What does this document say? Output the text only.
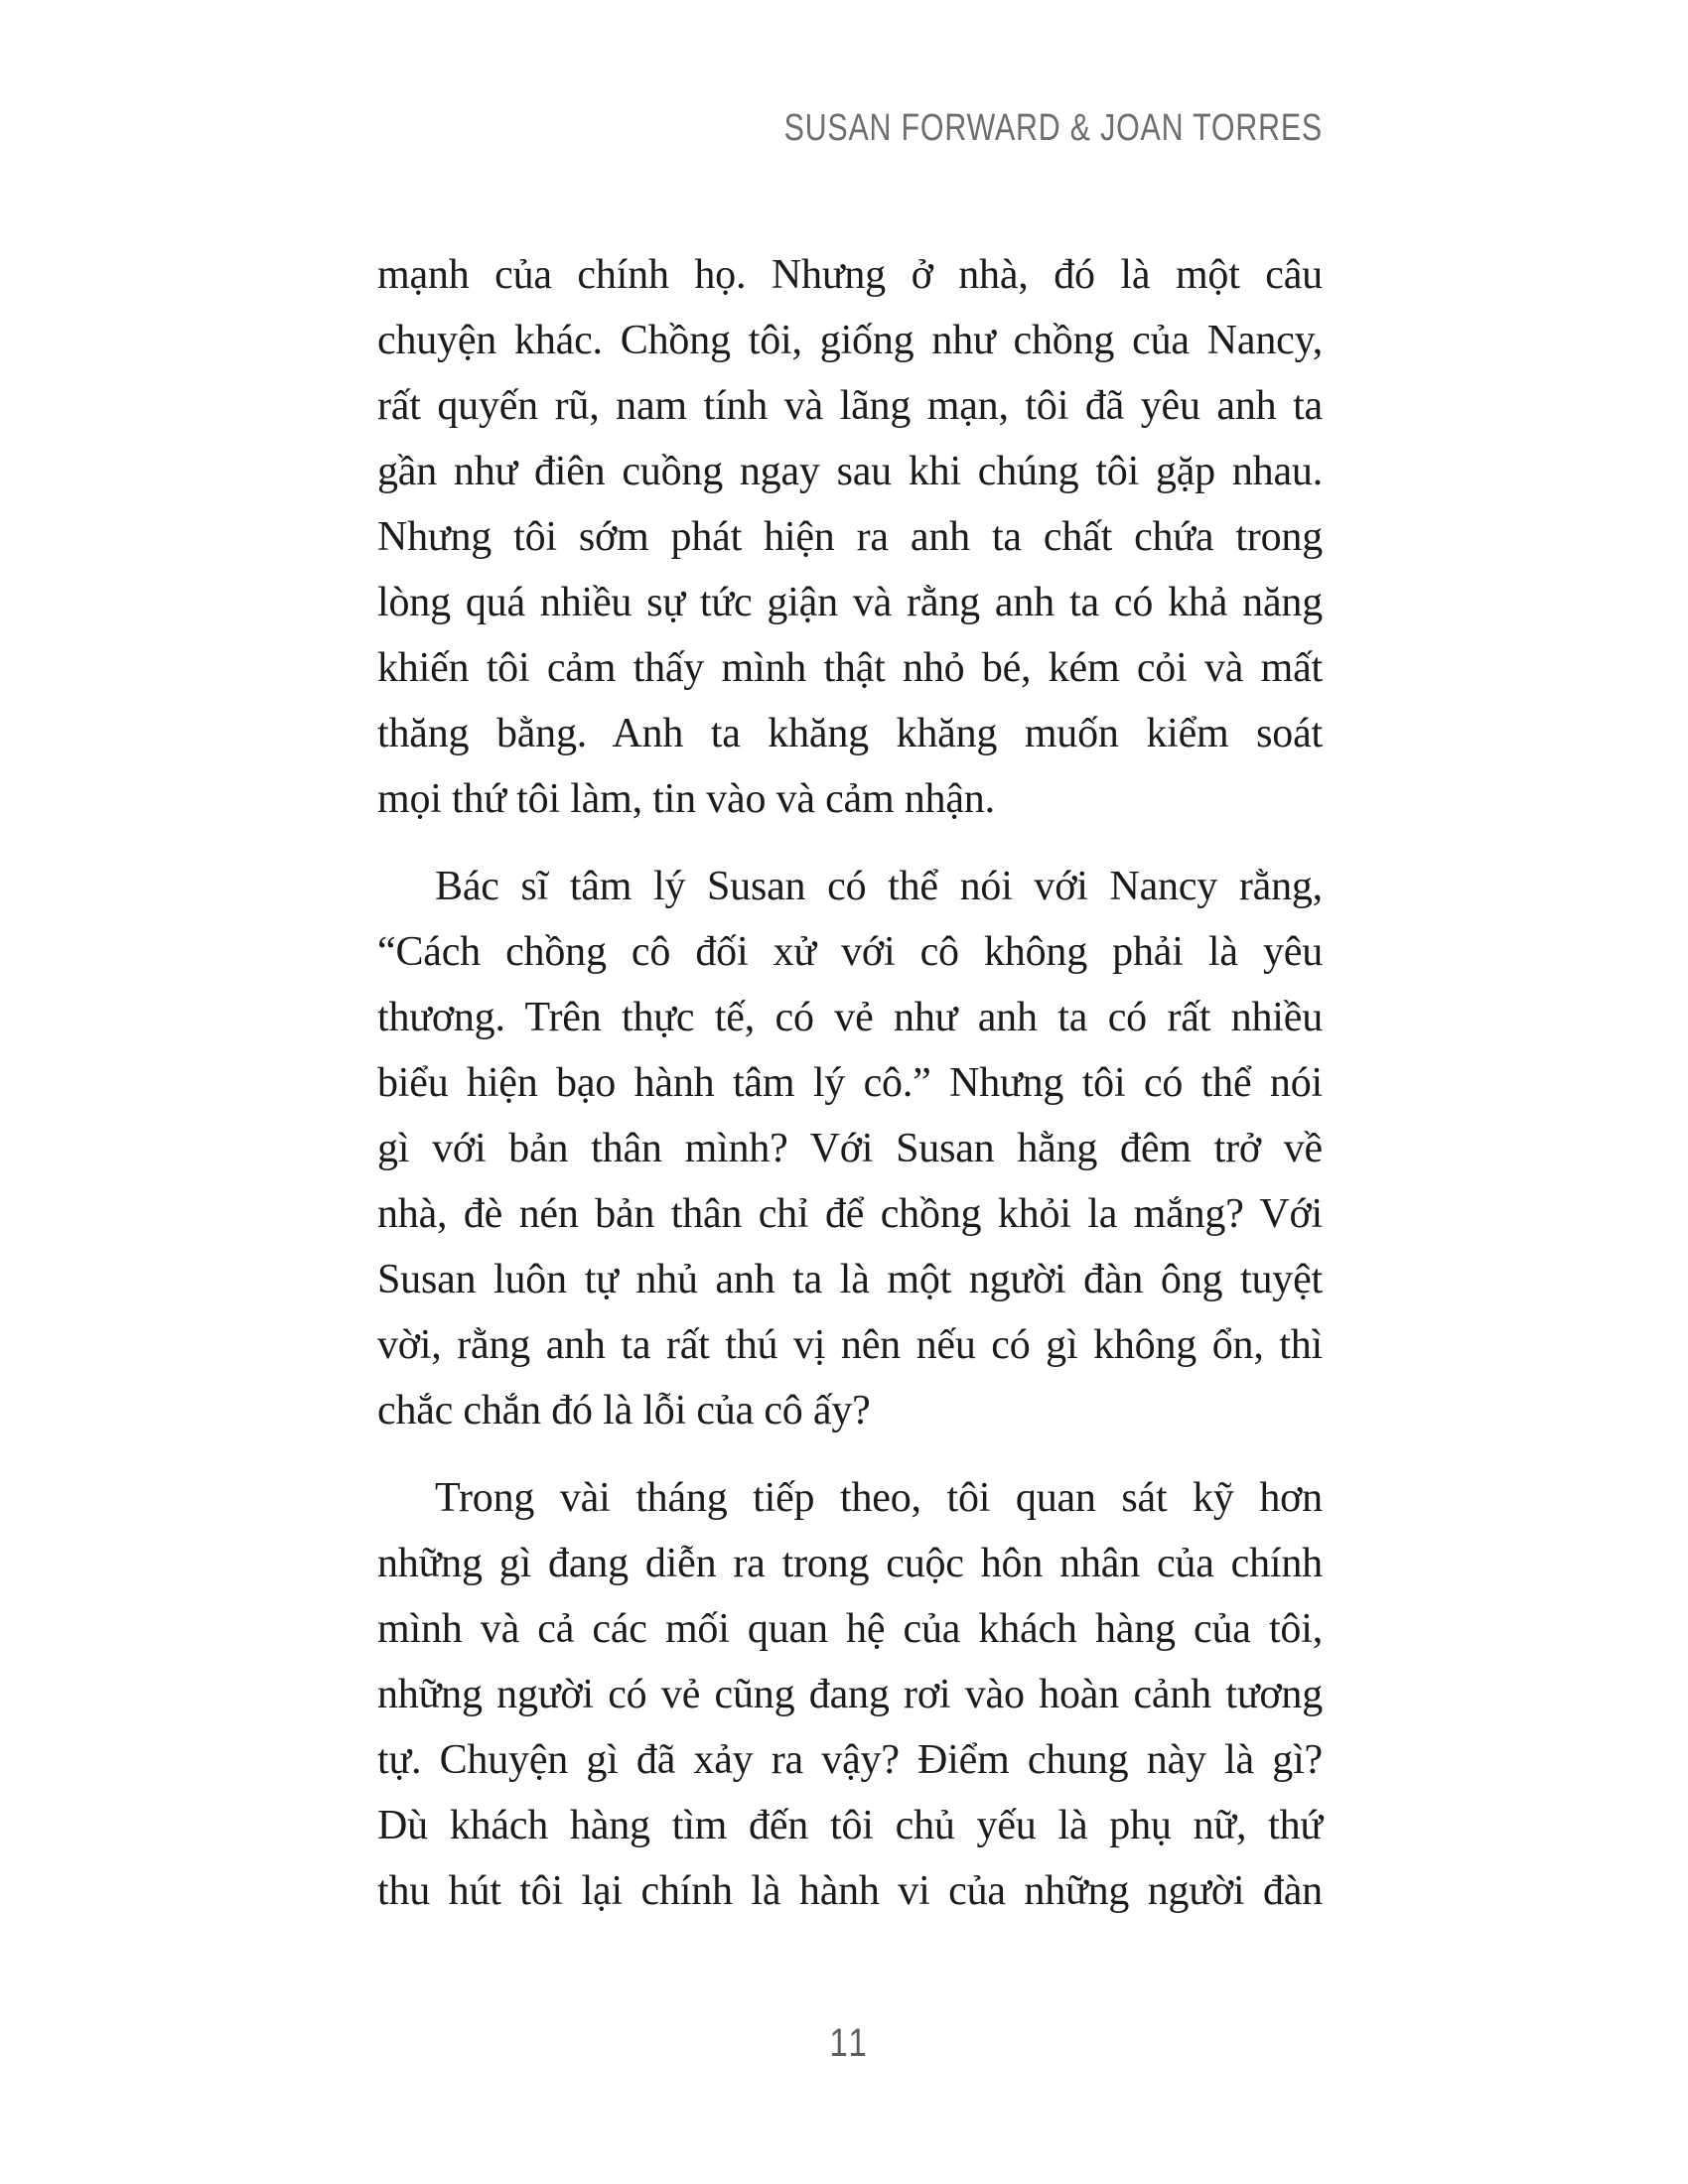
SUSAN FORWARD & JOAN TORRES
mạnh của chính họ. Nhưng ở nhà, đó là một câu
chuyện khác. Chồng tôi, giống như chồng của Nancy,
rất quyến rũ, nam tính và lãng mạn, tôi đã yêu anh ta
gần như điên cuồng ngay sau khi chúng tôi gặp nhau.
Nhưng tôi sớm phát hiện ra anh ta chất chứa trong
lòng quá nhiều sự tức giận và rằng anh ta có khả năng
khiến tôi cảm thấy mình thật nhỏ bé, kém cỏi và mất
thăng bằng. Anh ta khăng khăng muốn kiểm soát
mọi thứ tôi làm, tin vào và cảm nhận.
Bác sĩ tâm lý Susan có thể nói với Nancy rằng,
“Cách chồng cô đối xử với cô không phải là yêu
thương. Trên thực tế, có vẻ như anh ta có rất nhiều
biểu hiện bạo hành tâm lý cô.” Nhưng tôi có thể nói
gì với bản thân mình? Với Susan hằng đêm trở về
nhà, đè nén bản thân chỉ để chồng khỏi la mắng? Với
Susan luôn tự nhủ anh ta là một người đàn ông tuyệt
vời, rằng anh ta rất thú vị nên nếu có gì không ổn, thì
chắc chắn đó là lỗi của cô ấy?
Trong vài tháng tiếp theo, tôi quan sát kỹ hơn
những gì đang diễn ra trong cuộc hôn nhân của chính
mình và cả các mối quan hệ của khách hàng của tôi,
những người có vẻ cũng đang rơi vào hoàn cảnh tương
tự. Chuyện gì đã xảy ra vậy? Điểm chung này là gì?
Dù khách hàng tìm đến tôi chủ yếu là phụ nữ, thứ
thu hút tôi lại chính là hành vi của những người đàn
11
